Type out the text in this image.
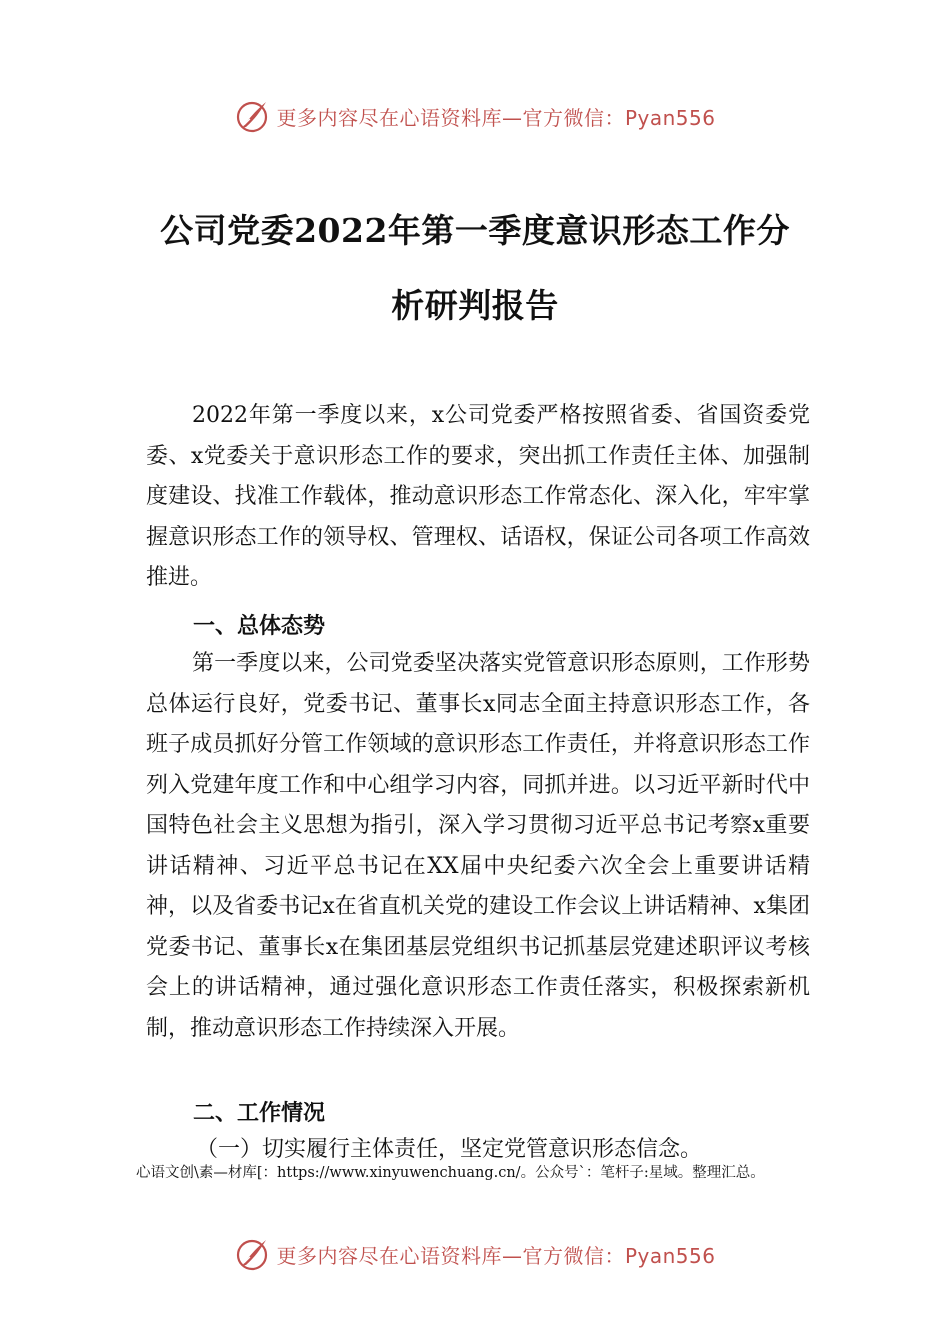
更多内容尽在心语资料库—官方微信：Pyan556
公司党委2022年第一季度意识形态工作分
析研判报告

2022年第一季度以来，x公司党委严格按照省委、省国资委党委、x党委关于意识形态工作的要求，突出抓工作责任主体、加强制度建设、找准工作载体，推动意识形态工作常态化、深入化，牢牢掌握意识形态工作的领导权、管理权、话语权，保证公司各项工作高效推进。

一、总体态势

第一季度以来，公司党委坚决落实党管意识形态原则，工作形势总体运行良好，党委书记、董事长x同志全面主持意识形态工作，各班子成员抓好分管工作领域的意识形态工作责任，并将意识形态工作列入党建年度工作和中心组学习内容，同抓并进。以习近平新时代中国特色社会主义思想为指引，深入学习贯彻习近平总书记考察x重要讲话精神、习近平总书记在XX届中央纪委六次全会上重要讲话精神，以及省委书记x在省直机关党的建设工作会议上讲话精神、x集团党委书记、董事长x在集团基层党组织书记抓基层党建述职评议考核会上的讲话精神，通过强化意识形态工作责任落实，积极探索新机制，推动意识形态工作持续深入开展。

二、工作情况
（一）切实履行主体责任，坚定党管意识形态信念。
心语文创\素—材库[：https://www.xinyuwenchuang.cn/。公众号`：笔杆子:星域。整理汇总。
更多内容尽在心语资料库—官方微信：Pyan556
